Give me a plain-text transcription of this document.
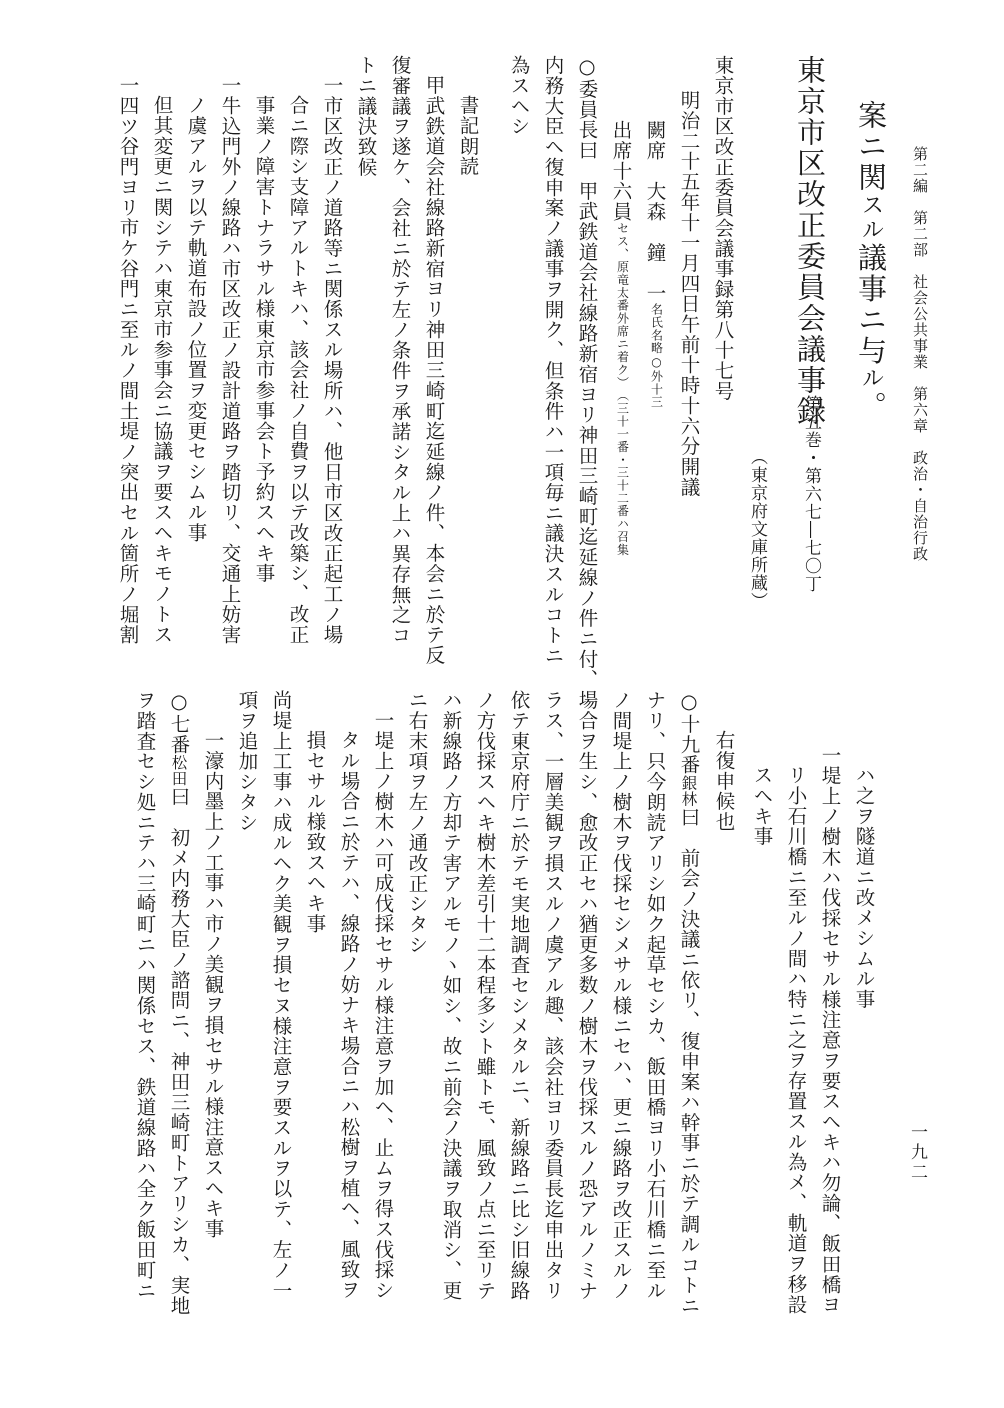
第二編　第二部　社会公共事業　第六章　政治・自治行政
一九二
ハ之ヲ隧道ニ改メシムル事
一堤上ノ樹木ハ伐採セサル様注意ヲ要スヘキハ勿論、飯田橋ヨ
リ小石川橋ニ至ルノ間ハ特ニ之ヲ存置スル為メ、軌道ヲ移設
スヘキ事
案ニ関スル議事ニ与ル。
東京市区改正委員会議事録
第五巻・第六七―七〇丁
（東京府文庫所蔵）
右復申候也
○十九番銀林曰　前会ノ決議ニ依リ、復申案ハ幹事ニ於テ調ルコトニ
ナリ、只今朗読アリシ如ク起草セシカ、飯田橋ヨリ小石川橋ニ至ル
ノ間堤上ノ樹木ヲ伐採セシメサル様ニセハ、更ニ線路ヲ改正スルノ
場合ヲ生シ、愈改正セハ猶更多数ノ樹木ヲ伐採スルノ恐アルノミナ
ラス、一層美観ヲ損スルノ虞アル趣、該会社ヨリ委員長迄申出タリ
依テ東京府庁ニ於テモ実地調査セシメタルニ、新線路ニ比シ旧線路
ノ方伐採スヘキ樹木差引十二本程多シト雖トモ、風致ノ点ニ至リテ
ハ新線路ノ方却テ害アルモノヽ如シ、故ニ前会ノ決議ヲ取消シ、更
ニ右末項ヲ左ノ通改正シタシ
一堤上ノ樹木ハ可成伐採セサル様注意ヲ加ヘ、止ムヲ得ス伐採シ
タル場合ニ於テハ、線路ノ妨ナキ場合ニハ松樹ヲ植ヘ、風致ヲ
損セサル様致スヘキ事
尚堤上工事ハ成ルヘク美観ヲ損セヌ様注意ヲ要スルヲ以テ、左ノ一
項ヲ追加シタシ
一濠内墨上ノ工事ハ市ノ美観ヲ損セサル様注意スヘキ事
○七番松田曰　初メ内務大臣ノ諮問ニ、神田三崎町トアリシカ、実地
ヲ踏査セシ処ニテハ三崎町ニハ関係セス、鉄道線路ハ全ク飯田町ニ
東京市区改正委員会議事録第八十七号
明治二十五年十一月四日午前十時十六分開議
闕席　大森　鐘　一
○外十三
名氏名略
出席十六員
（三十一番・三十二番ハ召集
セス、原竜太番外席ニ着ク）
○委員長曰　甲武鉄道会社線路新宿ヨリ神田三崎町迄延線ノ件ニ付、
内務大臣ヘ復申案ノ議事ヲ開ク、但条件ハ一項毎ニ議決スルコトニ
為スヘシ
書記朗読
甲武鉄道会社線路新宿ヨリ神田三崎町迄延線ノ件、本会ニ於テ反
復審議ヲ遂ケ、会社ニ於テ左ノ条件ヲ承諾シタル上ハ異存無之コ
トニ議決致候
一市区改正ノ道路等ニ関係スル場所ハ、他日市区改正起工ノ場
合ニ際シ支障アルトキハ、該会社ノ自費ヲ以テ改築シ、改正
事業ノ障害トナラサル様東京市参事会ト予約スヘキ事
一牛込門外ノ線路ハ市区改正ノ設計道路ヲ踏切リ、交通上妨害
ノ虞アルヲ以テ軌道布設ノ位置ヲ変更セシムル事
但其変更ニ関シテハ東京市参事会ニ協議ヲ要スヘキモノトス
一四ツ谷門ヨリ市ケ谷門ニ至ルノ間土堤ノ突出セル箇所ノ堀割
